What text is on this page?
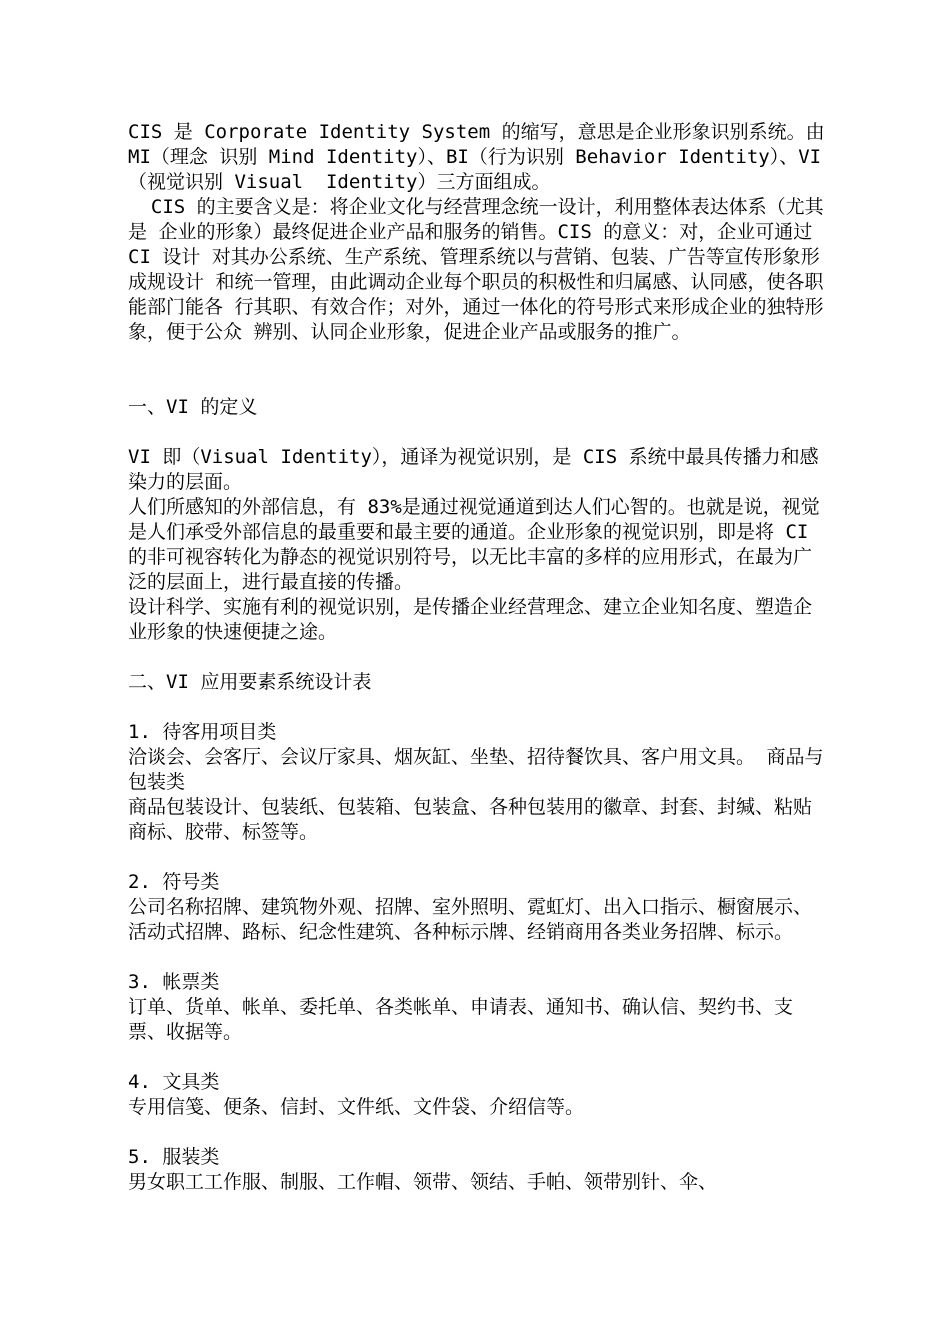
CIS 是 Corporate Identity System 的缩写，意思是企业形象识别系统。由 MI（理念 识别 Mind Identity）、BI（行为识别 Behavior Identity）、VI（视觉识别 Visual  Identity）三方面组成。

CIS 的主要含义是：将企业文化与经营理念统一设计，利用整体表达体系（尤其是 企业的形象）最终促进企业产品和服务的销售。CIS 的意义：对，企业可通过 CI 设计 对其办公系统、生产系统、管理系统以与营销、包装、广告等宣传形象形成规设计 和统一管理，由此调动企业每个职员的积极性和归属感、认同感，使各职能部门能各 行其职、有效合作；对外，通过一体化的符号形式来形成企业的独特形象，便于公众 辨别、认同企业形象，促进企业产品或服务的推广。

一、VI 的定义

VI 即（Visual Identity），通译为视觉识别，是 CIS 系统中最具传播力和感染力的层面。

人们所感知的外部信息，有 83%是通过视觉通道到达人们心智的。也就是说，视觉是人们承受外部信息的最重要和最主要的通道。企业形象的视觉识别，即是将 CI 的非可视容转化为静态的视觉识别符号，以无比丰富的多样的应用形式，在最为广泛的层面上，进行最直接的传播。

设计科学、实施有利的视觉识别，是传播企业经营理念、建立企业知名度、塑造企业形象的快速便捷之途。

二、VI 应用要素系统设计表

1. 待客用项目类

洽谈会、会客厅、会议厅家具、烟灰缸、坐垫、招待餐饮具、客户用文具。 商品与包装类
商品包装设计、包装纸、包装箱、包装盒、各种包装用的徽章、封套、封缄、粘贴商标、胶带、标签等。

2. 符号类

公司名称招牌、建筑物外观、招牌、室外照明、霓虹灯、出入口指示、橱窗展示、活动式招牌、路标、纪念性建筑、各种标示牌、经销商用各类业务招牌、标示。

3. 帐票类

订单、货单、帐单、委托单、各类帐单、申请表、通知书、确认信、契约书、支票、收据等。

4. 文具类

专用信笺、便条、信封、文件纸、文件袋、介绍信等。

5. 服装类

男女职工工作服、制服、工作帽、领带、领结、手帕、领带别针、伞、
